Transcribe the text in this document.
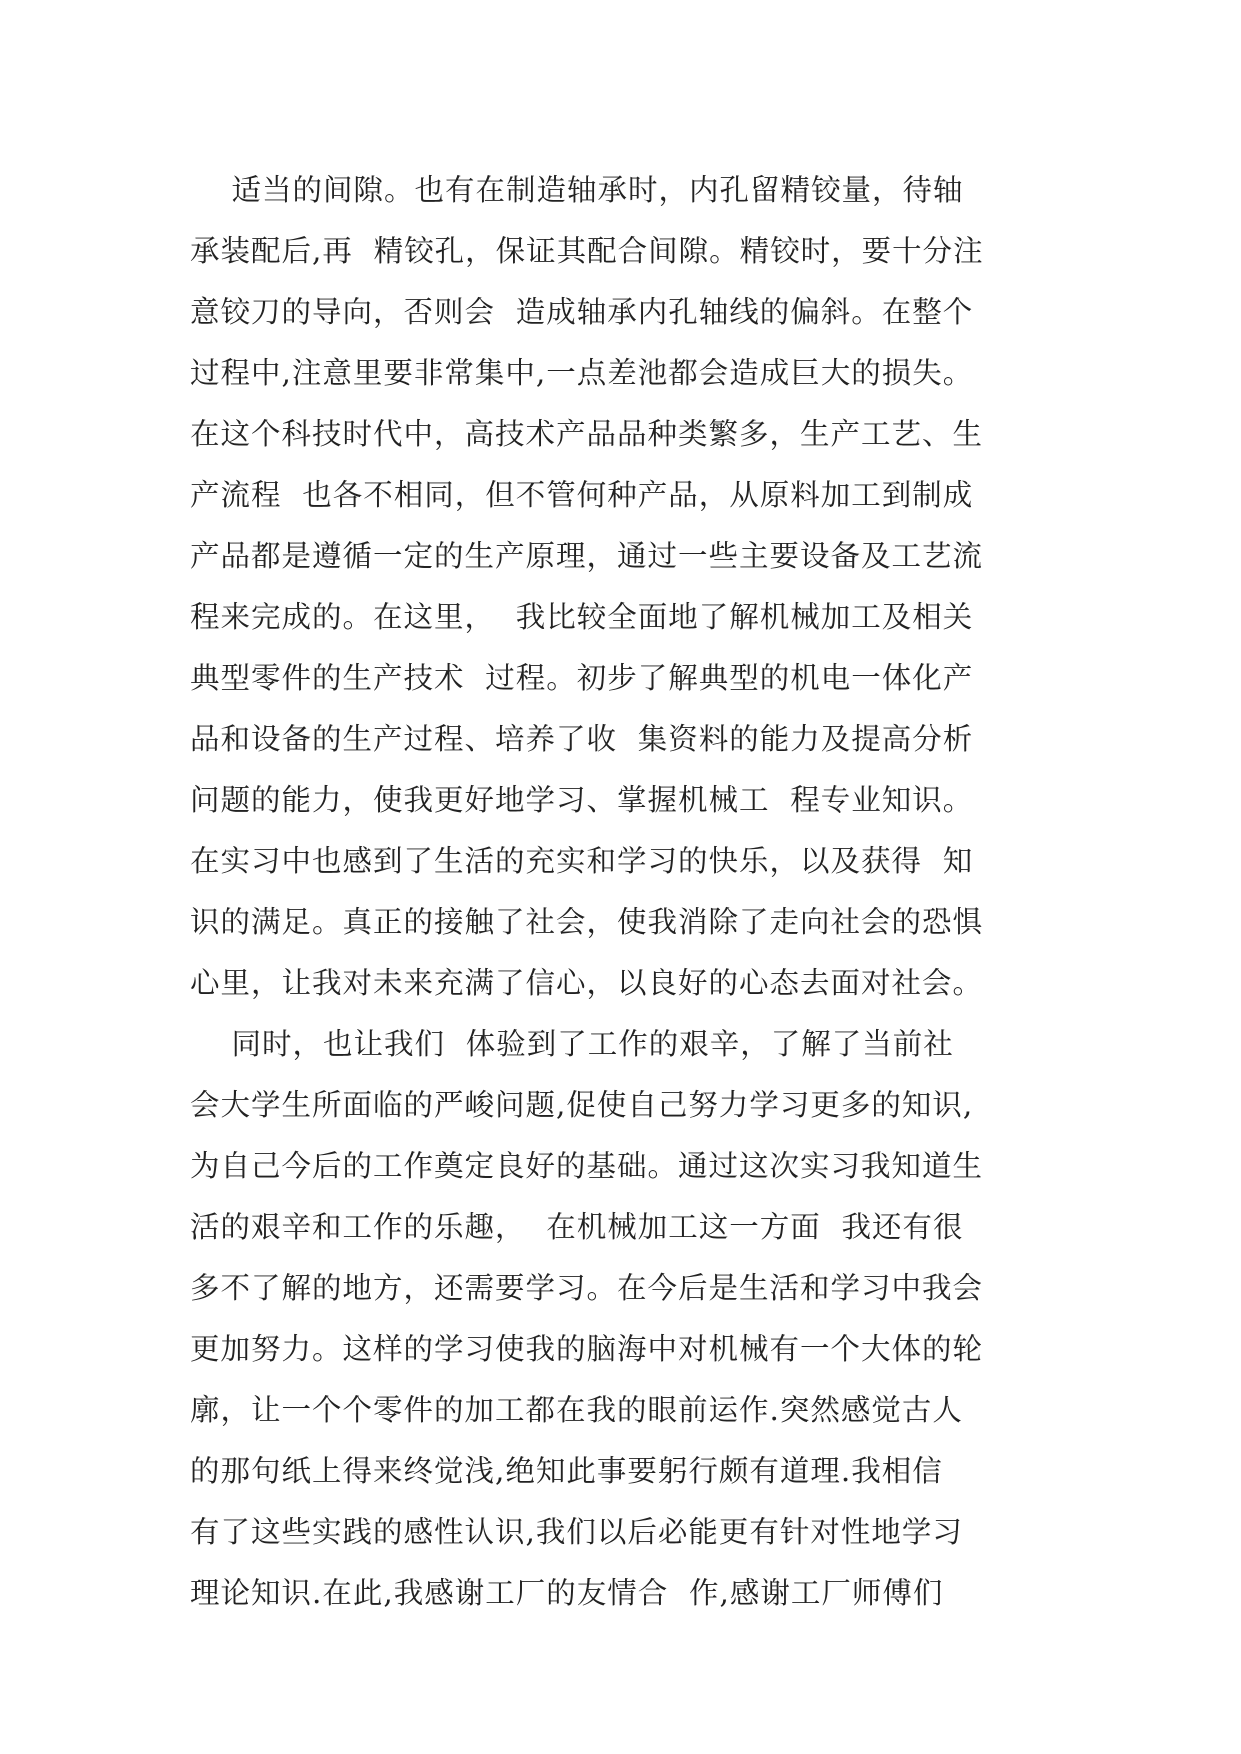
适当的间隙。也有在制造轴承时，内孔留精铰量，待轴
承装配后,再  精铰孔，保证其配合间隙。精铰时，要十分注
意铰刀的导向，否则会  造成轴承内孔轴线的偏斜。在整个
过程中,注意里要非常集中,一点差池都会造成巨大的损失。
在这个科技时代中，高技术产品品种类繁多，生产工艺、生
产流程  也各不相同，但不管何种产品，从原料加工到制成
产品都是遵循一定的生产原理，通过一些主要设备及工艺流
程来完成的。在这里，  我比较全面地了解机械加工及相关
典型零件的生产技术  过程。初步了解典型的机电一体化产
品和设备的生产过程、培养了收  集资料的能力及提高分析
问题的能力，使我更好地学习、掌握机械工  程专业知识。
在实习中也感到了生活的充实和学习的快乐，以及获得  知
识的满足。真正的接触了社会，使我消除了走向社会的恐惧
心里，让我对未来充满了信心，以良好的心态去面对社会。
同时，也让我们  体验到了工作的艰辛，了解了当前社
会大学生所面临的严峻问题,促使自己努力学习更多的知识,
为自己今后的工作奠定良好的基础。通过这次实习我知道生
活的艰辛和工作的乐趣，  在机械加工这一方面  我还有很
多不了解的地方，还需要学习。在今后是生活和学习中我会
更加努力。这样的学习使我的脑海中对机械有一个大体的轮
廓，让一个个零件的加工都在我的眼前运作.突然感觉古人
的那句纸上得来终觉浅,绝知此事要躬行颇有道理.我相信
有了这些实践的感性认识,我们以后必能更有针对性地学习
理论知识.在此,我感谢工厂的友情合  作,感谢工厂师傅们
